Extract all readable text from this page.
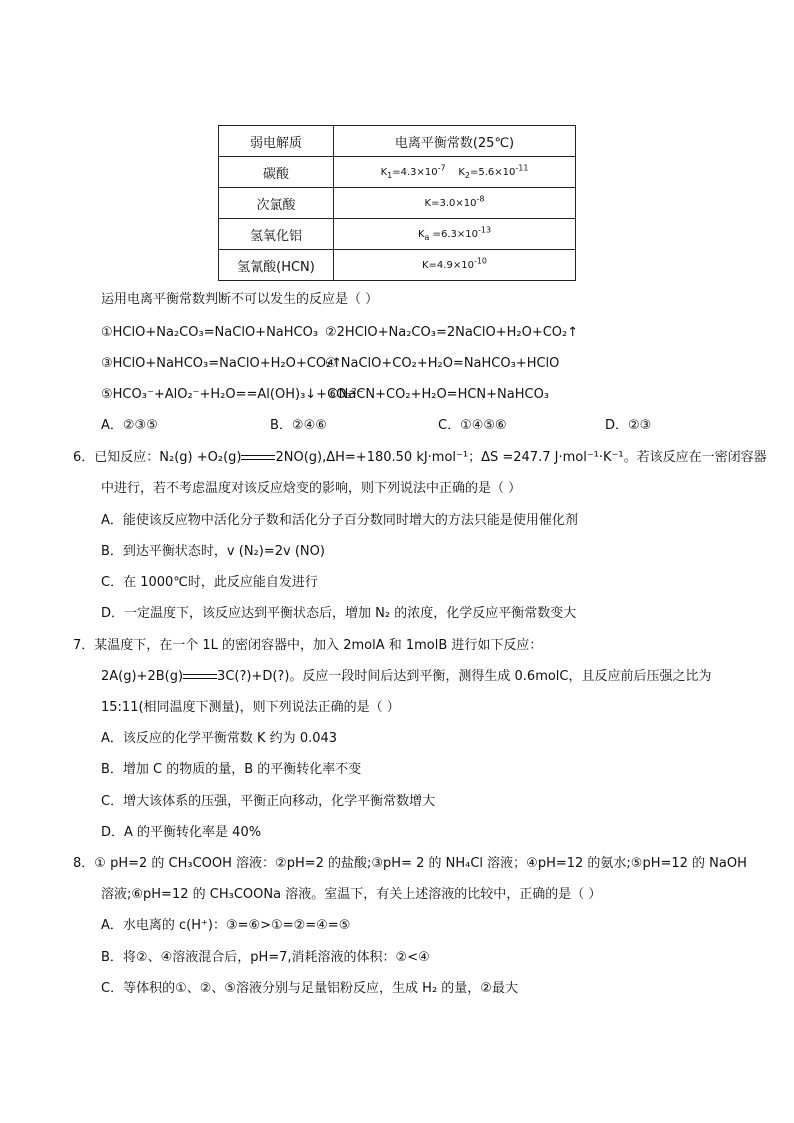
弱电解质	电离平衡常数(25℃)
碳酸	$K_1=4.3\times 10^{-7}$ $K_2=5.6\times 10^{-11}$
次氯酸	$K=3.0\times 10^{-8}$
氢氧化铝	$K_a =6.3\times 10^{-13}$
氢氰酸(HCN)	$K=4.9\times 10^{-10}$
运用电离平衡常数判断不可以发生的反应是（ ）
①HClO+Na₂CO₃=NaClO+NaHCO₃ ②2HClO+Na₂CO₃=2NaClO+H₂O+CO₂↑
③HClO+NaHCO₃=NaClO+H₂O+CO₂↑
④ NaClO+CO₂+H₂O=NaHCO₃+HClO
⑤HCO₃⁻+AlO₂⁻+H₂O==Al(OH)₃↓+CO₃²⁻
⑥NaCN+CO₂+H₂O=HCN+NaHCO₃
A．②③⑤	B．②④⑥	C．①④⑤⑥	D．②③
6．已知反应：N₂(g) +O₂(g)	2NO(g),ΔH=+180.50 kJ·mol⁻¹；ΔS =247.7 J·mol⁻¹·K⁻¹。若该反应在一密闭容器
中进行，若不考虑温度对该反应焓变的影响，则下列说法中正确的是（ ）
A．能使该反应物中活化分子数和活化分子百分数同时增大的方法只能是使用催化剂
B．到达平衡状态时，v (N₂)=2v (NO)
C．在 1000℃时，此反应能自发进行
D．一定温度下，该反应达到平衡状态后，增加 N₂ 的浓度，化学反应平衡常数变大
7．某温度下，在一个 1L 的密闭容器中，加入 2molA 和 1molB 进行如下反应：
2A(g)+2B(g)	3C(?)+D(?)。反应一段时间后达到平衡，测得生成 0.6molC，且反应前后压强之比为
15:11(相同温度下测量)，则下列说法正确的是（ ）
A．该反应的化学平衡常数 K 约为 0.043
B．增加 C 的物质的量，B 的平衡转化率不变
C．增大该体系的压强，平衡正向移动，化学平衡常数增大
D．A 的平衡转化率是 40%
8．① pH=2 的 CH₃COOH 溶液：②pH=2 的盐酸;③pH= 2 的 NH₄Cl 溶液；④pH=12 的氨水;⑤pH=12 的 NaOH
溶液;⑥pH=12 的 CH₃COONa 溶液。室温下，有关上述溶液的比较中，正确的是（ ）
A．水电离的 c(H⁺)：③=⑥>①=②=④=⑤
B．将②、④溶液混合后，pH=7,消耗溶液的体积：②<④
C．等体积的①、②、⑤溶液分别与足量铝粉反应，生成 H₂ 的量，②最大
